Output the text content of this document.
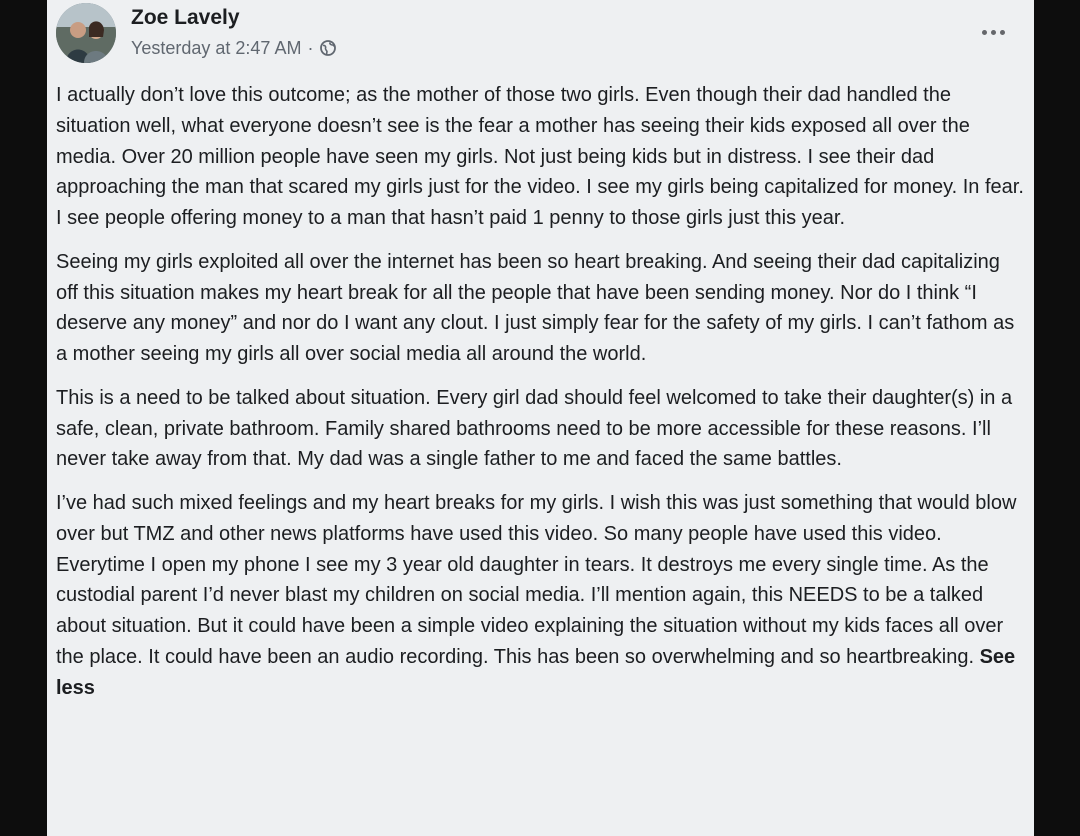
Zoe Lavely
Yesterday at 2:47 AM ·

I actually don’t love this outcome; as the mother of those two girls. Even though their dad handled the situation well, what everyone doesn’t see is the fear a mother has seeing their kids exposed all over the media. Over 20 million people have seen my girls. Not just being kids but in distress. I see their dad approaching the man that scared my girls just for the video. I see my girls being capitalized for money. In fear. I see people offering money to a man that hasn’t paid 1 penny to those girls just this year.

Seeing my girls exploited all over the internet has been so heart breaking. And seeing their dad capitalizing off this situation makes my heart break for all the people that have been sending money. Nor do I think “I deserve any money” and nor do I want any clout. I just simply fear for the safety of my girls. I can’t fathom as a mother seeing my girls all over social media all around the world.

This is a need to be talked about situation. Every girl dad should feel welcomed to take their daughter(s) in a safe, clean, private bathroom. Family shared bathrooms need to be more accessible for these reasons. I’ll never take away from that. My dad was a single father to me and faced the same battles.

I’ve had such mixed feelings and my heart breaks for my girls. I wish this was just something that would blow over but TMZ and other news platforms have used this video. So many people have used this video. Everytime I open my phone I see my 3 year old daughter in tears. It destroys me every single time. As the custodial parent I’d never blast my children on social media. I’ll mention again, this NEEDS to be a talked about situation. But it could have been a simple video explaining the situation without my kids faces all over the place. It could have been an audio recording. This has been so overwhelming and so heartbreaking. See less
